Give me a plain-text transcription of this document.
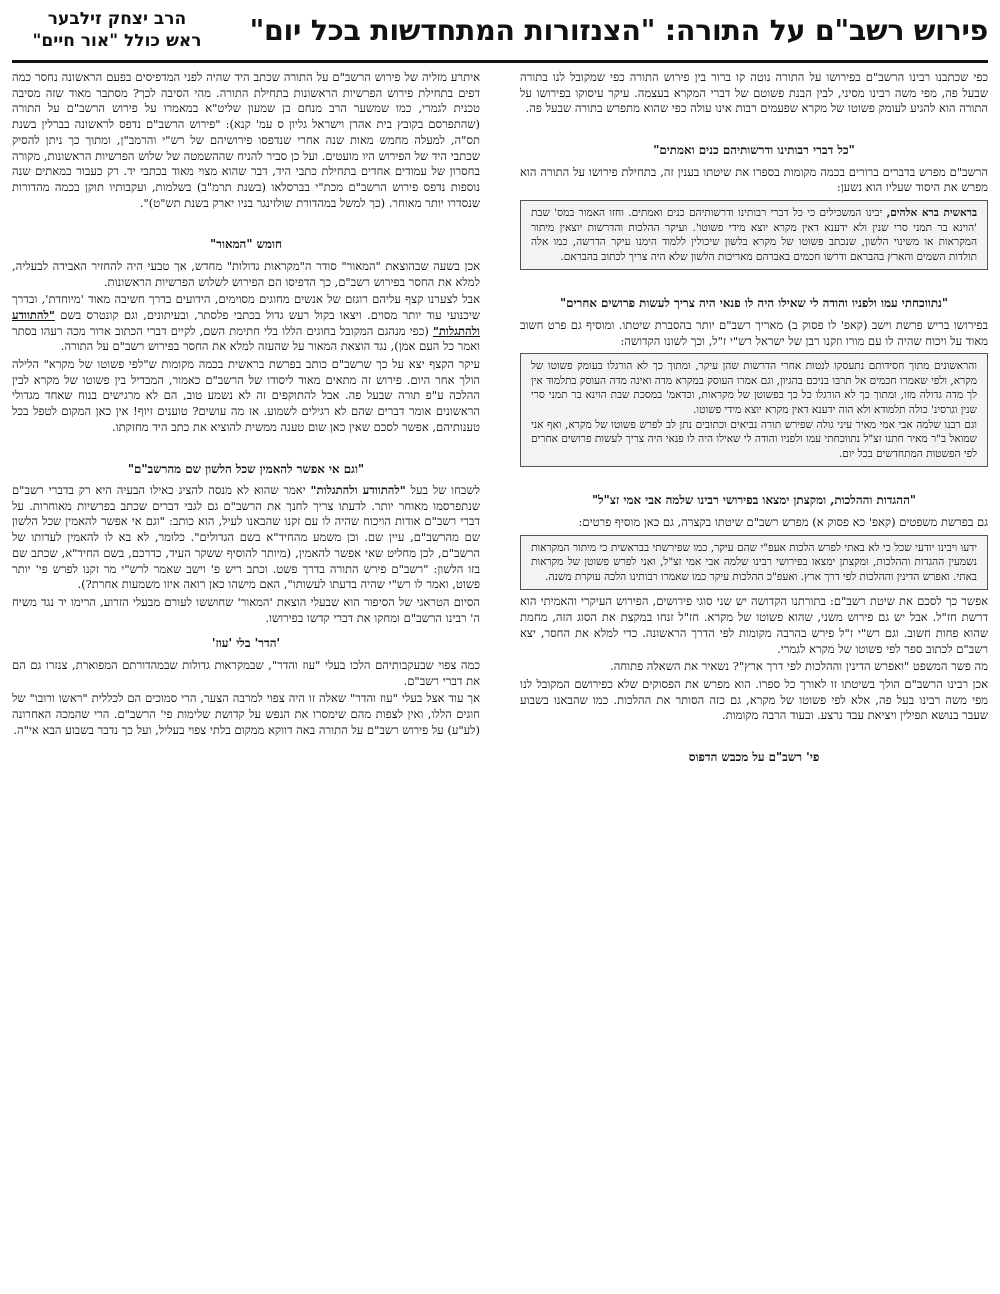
פירוש רשב"ם על התורה: "הצנזורות המתחדשות בכל יום"
הרב יצחק זילבער
ראש כולל "אור חיים"

כפי שכתבנו רבינו הרשב"ם בפירושו על התורה נוטה קו ברור בין פירוש התורה כפי שמקובל לנו בתורה שבעל פה, מפי משה רבינו מסיני, לבין הבנת פשוטם של דברי המקרא בעצמה. עיקר עיסוקו בפירושו על התורה הוא להגיע לעומק פשוטו של מקרא שפעמים רבות אינו עולה כפי שהוא מתפרש בתורה שבעל פה.

"כל דברי רבותינו ודרשותיהם כנים ואמתים"

הרשב"ם מפרש בדברים ברורים בכמה מקומות בספרו את שיטתו בענין זה, בתחילת פירושו על התורה הוא מפרש את היסוד שעליו הוא נשען:

בראשית ברא אלהים, יבינו המשכילים כי כל דברי רבותינו ודרשותיהם כנים ואמתים. וחזו האמור במס' שבת 'הוינא בר תמני סרי שנין ולא ידענא דאין מקרא יוצא מידי פשוטו'. ועיקר ההלכות והדרשות יוצאין מיתור המקראות או משינוי הלשון, שנכתב פשוטו של מקרא בלשון שיכולין ללמוד הימנו עיקר הדרשה, כמו אלה תולדות השמים והארץ בהבראם ודרשו חכמים באברהם מאריכות הלשון שלא היה צריך לכתוב בהבראם.

"נתווכחתי עמו ולפניו והודה לי שאילו היה לו פנאי היה צריך לעשות פרושים אחרים"

בפירושו בריש פרשת וישב (קאפ' לו פסוק ב) מאריך רשב"ם יותר בהסברת שיטתו. ומוסיף גם פרט חשוב מאוד על ויכוח שהיה לו עם מורו וזקנו רבן של ישראל רש"י ז"ל, וכך לשונו הקדושה:

והראשונים מתוך חסידותם נתעסקו לנטות אחרי הדרשות שהן עיקר, ומתוך כך לא הורגלו בעומק פשוטו של מקרא, ולפי שאמרו חכמים אל תרבו בניכם בהגיון, וגם אמרו העוסק במקרא מדה ואינה מדה העוסק בתלמוד אין לך מדה גדולה מזו, ומתוך כך לא הורגלו כל כך בפשוטן של מקראות, וכדאמ' במסכת שבת הוינא בר תמני סרי שנין וגרסינ' כולה תלמודא ולא הוה ידענא דאין מקרא יוצא מידי פשוטו.

וגם רבנו שלמה אבי אמי מאיר עיני גולה שפירש תורה נביאים וכתובים נתן לב לפרש פשוטו של מקרא, ואף אני שמואל ב"ר מאיר חתנו זצ"ל נתווכחתי עמו ולפניו והודה לי שאילו היה לו פנאי היה צריך לעשות פרושים אחרים לפי הפשטות המתחדשים בכל יום.

"ההגדות וההלכות, ומקצתן ימצאו בפירושי רבינו שלמה אבי אמי זצ"ל"

גם בפרשת משפטים (קאפ' כא פסוק א) מפרש רשב"ם שיטתו בקצרה, גם כאן מוסיף פרטים:

ידעו ויבינו יודעי שכל כי לא באתי לפרש הלכות אעפ"י שהם עיקר, כמו שפירשתי בבראשית כי מיתור המקראות נשמעין ההגדות וההלכות, ומקצתן ימצאו בפירושי רבינו שלמה אבי אמי זצ"ל, ואני לפרש פשוטן של מקראות באתי. ואפרש הדינין וההלכות לפי דרך ארץ. ואעפ"כ ההלכות עיקר כמו שאמרו רבותינו הלכה עוקרת משנה.

אפשר כך לסכם את שיטת רשב"ם: בתורתנו הקדושה יש שני סוגי פירושים, הפירוש העיקרי והאמיתי הוא דרשת חז"ל. אבל יש גם פירוש משני, שהוא פשוטו של מקרא. חז"ל זנחו במקצת את הסוג הזה, מחמת שהוא פחות חשוב. וגם רש"י ז"ל פירש בהרבה מקומות לפי הדרך הראשונה. כדי למלא את החסר, יצא רשב"ם לכתוב ספר לפי פשוטו של מקרא לגמרי.

מה פשר המשפט "ואפרש הדינין וההלכות לפי דרך ארץ"? נשאיר את השאלה פתוחה.

אכן רבינו הרשב"ם הולך בשיטתו זו לאורך כל ספרו. הוא מפרש את הפסוקים שלא כפירושם המקובל לנו מפי משה רבינו בעל פה, אלא לפי פשוטו של מקרא, גם כזה הסותר את ההלכות. כמו שהבאנו בשבוע שעבר בנושא תפילין ויציאת עבד נרצע. ובעוד הרבה מקומות.

פי' רשב"ם על מכבש הדפוס

איתרע מזליה של פירוש הרשב"ם על התורה שכתב היד שהיה לפני המדפיסים בפעם הראשונה נחסר כמה דפים בתחילת פירוש הפרשיות הראשונות בתחילת התורה. מהי הסיבה לכך? מסתבר מאוד שזה מסיבה טכנית לגמרי, כמו שמשער הרב מנחם בן שמעון שליט"א במאמרו על פירוש הרשב"ם על התורה (שהתפרסם בקובץ בית אהרן וישראל גליון ס עמ' קנא): "פירוש הרשב"ם נדפס לראשונה בברלין בשנת תס"ה, למעלה מחמש מאות שנה אחרי שנדפסו פירושיהם של רש"י והרמב"ן, ומתוך כך ניתן להסיק שכתבי היד של הפירוש היו מועטים. ועל כן סביר להניח שההשמטה של שלוש הפרשיות הראשונות, מקורה בחסרון של עמודים אחדים בתחילת כתבי היד, דבר שהוא מצוי מאוד בכתבי יד. רק כעבור כמאתים שנה נוספות נדפס פירוש הרשב"ם מכת"י בברסלאו (בשנת תרמ"ב) בשלמות, ועקבותיו תוקן בכמה מהדורות שנסדרו יותר מאוחר. (כך למשל במהדורת שולזינגר בניו יארק בשנת תש"ט)".

חומש "המאור"

אכן בשעה שבהוצאת "המאור" סודר ה"מקראות גדולות" מחדש, אך טבעי היה להחזיר האבידה לבעליה, למלא את החסר בפירוש רשב"ם, כך הדפיסו הם הפירוש לשלוש הפרשיות הראשונות.

אבל לצערנו קצף עליהם רוגזם של אנשים מחוגים מסוימים, הידועים בדרך חשיבה מאוד 'מיוחדת', ובדרך שיכנועי עוד יותר מסוים. ויצאו בקול רעש גדול בכתבי פלסתר, ובעיתונים, וגם קונטרס בשם "להתוודע ולהתגלות" (כפי מנהגם המקובל בחוגים הללו בלי חתימת השם, לקיים דברי הכתוב ארור מכה רעהו בסתר ואמר כל העם אמן), נגד הוצאת המאור על שהעזה למלא את החסר בפירוש רשב"ם על התורה.

עיקר הקצף יצא על כך שרשב"ם כותב בפרשת בראשית בכמה מקומות ש"לפי פשוטו של מקרא" הלילה הולך אחר היום. פירוש זה מתאים מאוד ליסודו של הרשב"ם כאמור, המבדיל בין פשוטו של מקרא לבין ההלכה ע"פ תורה שבעל פה. אבל להתוקפים זה לא נשמע טוב, הם לא מרגישים בנוח שאחד מגדולי הראשונים אומר דברים שהם לא רגילים לשמוע. אז מה עושים? טוענים זיוף! אין כאן המקום לטפל בכל טענותיהם, אפשר לסכם שאין כאן שום טענה ממשית להוציא את כתב היד מחזקתו.

"וגם אי אפשר להאמין שכל הלשון שם מהרשב"ם"

לשבחו של בעל "להתוודע ולהתגלות" יאמר שהוא לא מנסה להציג כאילו הבעיה היא רק בדברי רשב"ם שנתפרסמו מאוחר יותר. לדעתו צריך לחנך את הרשב"ם גם לגבי דברים שכתב בפרשיות מאוחרות. על דברי רשב"ם אודות הויכוח שהיה לו עם זקנו שהבאנו לעיל, הוא כותב: "וגם אי אפשר להאמין שכל הלשון שם מהרשב"ם, עיין שם. וכן משמע מהחיד"א בשם הגדולים". כלומר, לא בא לו להאמין לעדותו של הרשב"ם, לכן מחליט שאי אפשר להאמין, (מיותר להוסיף ששקר העיד, כדרכם, בשם החיד"א, שכתב שם בזו הלשון: "רשב"ם פירש התורה בדרך פשט. וכתב ריש פ' וישב שאמר לרש"י מר זקנו לפרש פי' יותר פשוט, ואמר לו רש"י שהיה בדעתו לעשותו", האם מישהו כאן רואה איזו משמעות אחרת?).

הסיום הטראגי של הסיפור הוא שבעלי הוצאת 'המאור' שחוששו לעורם מבעלי הזרוע, הרימו יד נגד משיח ה' רבינו הרשב"ם ומחקו את דברי קדשו בפירושו.

'הדר' בלי 'עוז'

כמה צפוי שבעקבותיהם הלכו בעלי "עוז והדר", שבמקראות גדולות שבמהדורתם המפוארת, צנזרו גם הם את דברי רשב"ם.

אך עוד אצל בעלי "עוז והדר" שאלה זו היה צפוי למרבה הצער, הרי סמוכים הם לכללית "ראשו ורובו" של חוגים הללו, ואין לצפות מהם שימסרו את הנפש על קדושת שלימות פי' הרשב"ם. הרי שהמכה האחרונה (לע"ע) על פירוש רשב"ם על התורה באה דווקא ממקום בלתי צפוי בעליל, ועל כך נדבר בשבוע הבא אי"ה.
